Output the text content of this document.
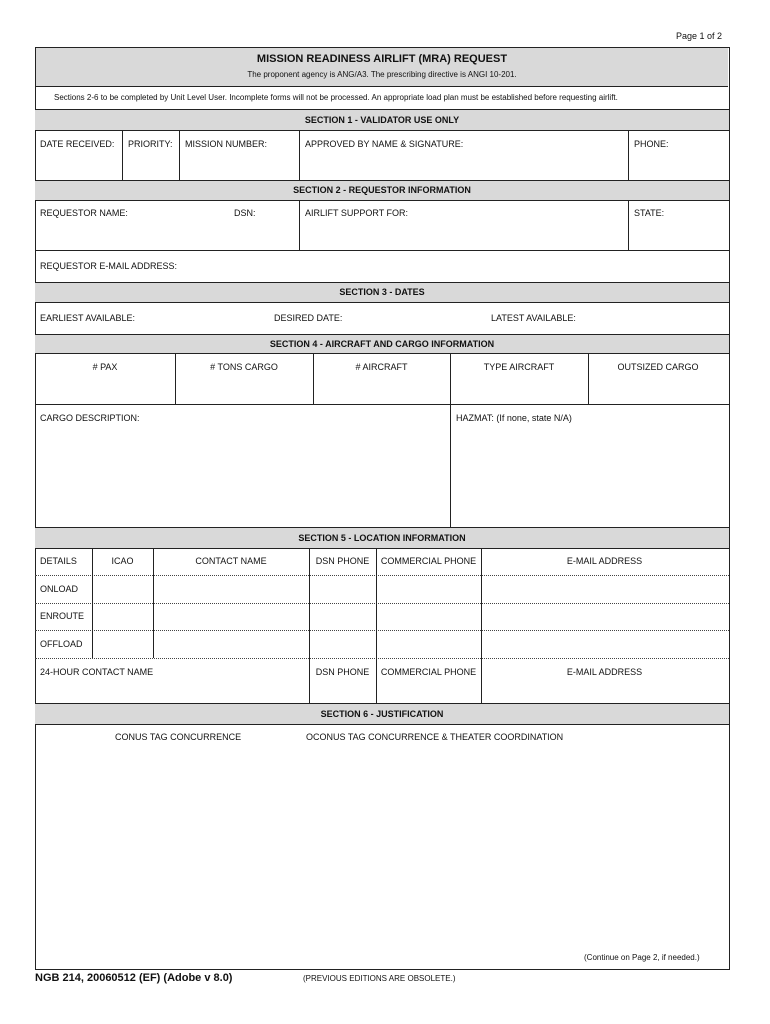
Page 1 of 2
MISSION READINESS AIRLIFT (MRA) REQUEST
The proponent agency is ANG/A3. The prescribing directive is ANGI 10-201.
Sections 2-6 to be completed by Unit Level User. Incomplete forms will not be processed. An appropriate load plan must be established before requesting airlift.
SECTION 1 - VALIDATOR USE ONLY
DATE RECEIVED: PRIORITY: MISSION NUMBER:	APPROVED BY NAME & SIGNATURE:	PHONE:
SECTION 2 - REQUESTOR INFORMATION
REQUESTOR NAME:	DSN:	AIRLIFT SUPPORT FOR:	STATE:
REQUESTOR E-MAIL ADDRESS:
SECTION 3 - DATES
EARLIEST AVAILABLE:	DESIRED DATE:	LATEST AVAILABLE:
SECTION 4 - AIRCRAFT AND CARGO INFORMATION
# PAX	# TONS CARGO	# AIRCRAFT	TYPE AIRCRAFT	OUTSIZED CARGO
CARGO DESCRIPTION:	HAZMAT: (If none, state N/A)
SECTION 5 - LOCATION INFORMATION
DETAILS	ICAO	CONTACT NAME	DSN PHONE	COMMERCIAL PHONE	E-MAIL ADDRESS
ONLOAD
ENROUTE
OFFLOAD
24-HOUR CONTACT NAME	DSN PHONE	COMMERCIAL PHONE	E-MAIL ADDRESS
SECTION 6 - JUSTIFICATION
CONUS TAG CONCURRENCE	OCONUS TAG CONCURRENCE & THEATER COORDINATION
(Continue on Page 2, if needed.)
NGB 214, 20060512 (EF) (Adobe v 8.0)	(PREVIOUS EDITIONS ARE OBSOLETE.)
